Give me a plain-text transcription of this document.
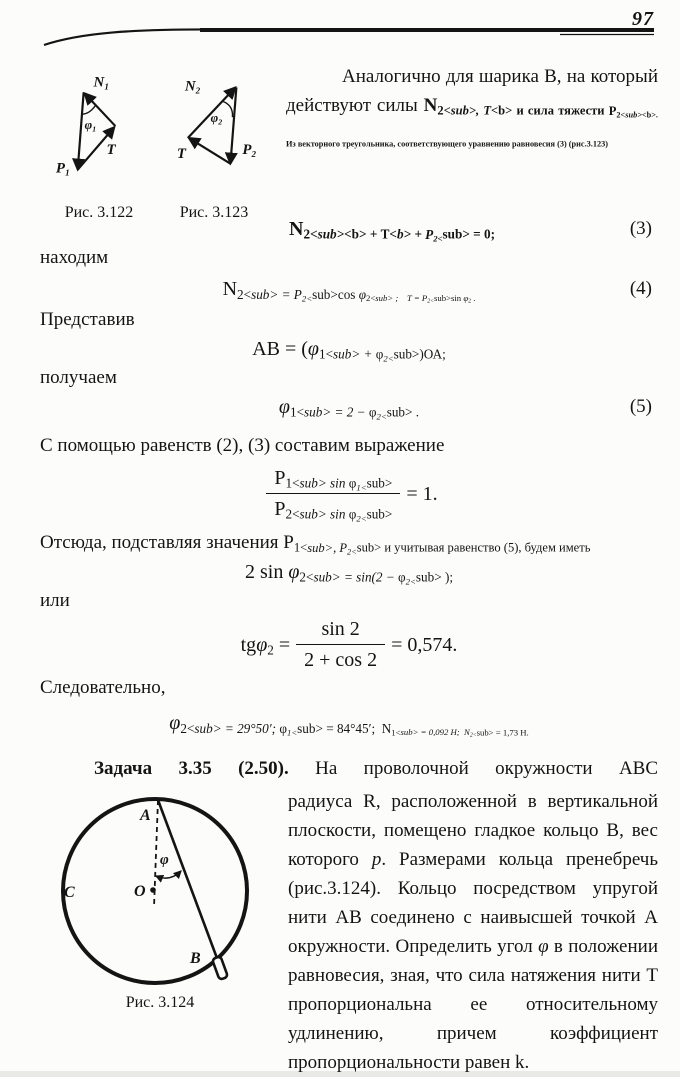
97
N₁
φ₁
T
P₁
N₂
φ₂
T	P₂
Рис. 3.122	Рис. 3.123

Аналогично для шарика В, на который действуют силы $N_{2<sub>, T<b> и сила тяжести P_{2<sub><b>. Из векторного треугольника, соответствующего уравнению равновесия (3) (рис.3.123)}}$

$N_{2<sub><b> + T<b> + P_{2<}sub> = 0;}$	(3)

находим

$N_{2<sub> = P_{2<}sub>cos \varphi_{2<sub> ; T = P_{2<}sub>sin \varphi_2 .}}$	(4)

Представив

АВ = ($\varphi_{1<sub> + \varphi_{2<}sub>)ОА;}$

получаем

$\varphi_{1<sub> = 2 - \varphi_{2<}sub> .}$	(5)

С помощью равенств (2), (3) составим выражение

$\frac{P_{1<sub> sin \varphi_{1<}sub>}}{P_{2<sub> sin \varphi_{2<}sub>}} = 1$.

Отсюда, подставляя значения $P_{1<sub>, P_{2<}sub> и учитывая равенство (5), будем иметь}$

2 $\sin \varphi_{2<sub> = sin(2 - \varphi_{2<}sub> );}$

или

$tg\varphi_2 = \frac{\sin 2}{2 + \cos 2} = 0,574$.

Следовательно,

$\varphi_{2<sub> = 29^\circ 50'; \varphi_{1<}sub> = 84^\circ 45'; N_{1<sub> = 0,092 Н; N_{2<}sub> = 1,73 Н.}}$

Задача 3.35 (2.50). На проволочной окружности АВС

A
C	O
B
φ
Рис. 3.124

радиуса R, расположенной в вертикальной плоскости, помещено гладкое кольцо В, вес которого р. Размерами кольца пренебречь (рис.3.124). Кольцо посредством упругой нити АВ соединено с наивысшей точкой А окружности. Определить угол φ в положении равновесия, зная, что сила натяжения нити Т пропорциональна ее относительному удлинению, причем коэффициент пропорциональности равен k.
